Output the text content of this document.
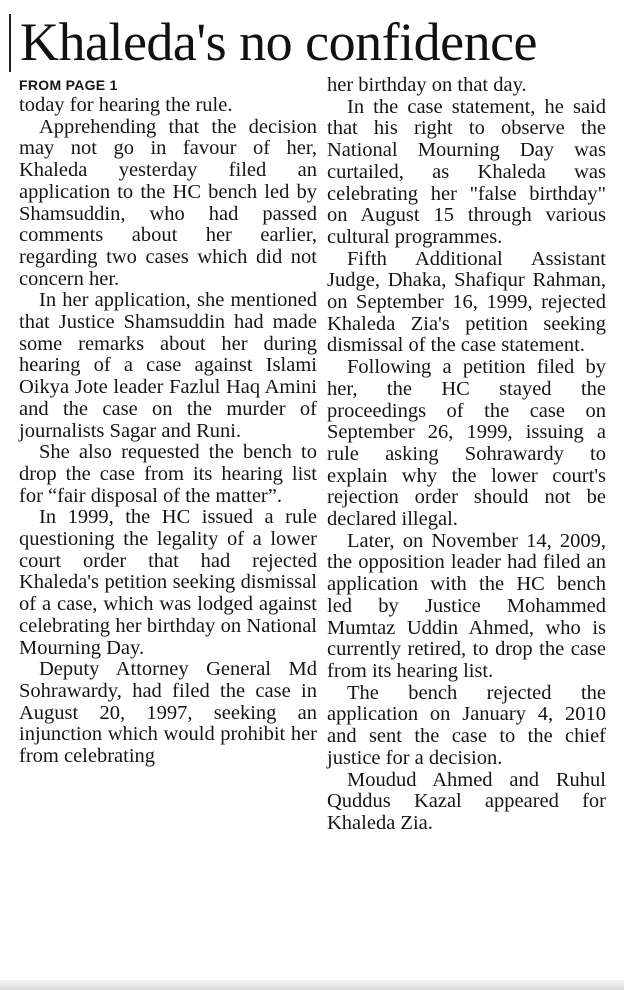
Khaleda's no confidence
FROM PAGE 1

today for hearing the rule.

Apprehending that the decision may not go in favour of her, Khaleda yesterday filed an application to the HC bench led by Shamsuddin, who had passed comments about her earlier, regarding two cases which did not concern her.

In her application, she mentioned that Justice Shamsuddin had made some remarks about her during hearing of a case against Islami Oikya Jote leader Fazlul Haq Amini and the case on the murder of journalists Sagar and Runi.

She also requested the bench to drop the case from its hearing list for “fair disposal of the matter”.

In 1999, the HC issued a rule questioning the legality of a lower court order that had rejected Khaleda's petition seeking dismissal of a case, which was lodged against celebrating her birthday on National Mourning Day.

Deputy Attorney General Md Sohrawardy, had filed the case in August 20, 1997, seeking an injunction which would prohibit her from celebrating

her birthday on that day.

In the case statement, he said that his right to observe the National Mourning Day was curtailed, as Khaleda was celebrating her "false birthday" on August 15 through various cultural programmes.

Fifth Additional Assistant Judge, Dhaka, Shafiqur Rahman, on September 16, 1999, rejected Khaleda Zia's petition seeking dismissal of the case statement.

Following a petition filed by her, the HC stayed the proceedings of the case on September 26, 1999, issuing a rule asking Sohrawardy to explain why the lower court's rejection order should not be declared illegal.

Later, on November 14, 2009, the opposition leader had filed an application with the HC bench led by Justice Mohammed Mumtaz Uddin Ahmed, who is currently retired, to drop the case from its hearing list.

The bench rejected the application on January 4, 2010 and sent the case to the chief justice for a decision.

Moudud Ahmed and Ruhul Quddus Kazal appeared for Khaleda Zia.
